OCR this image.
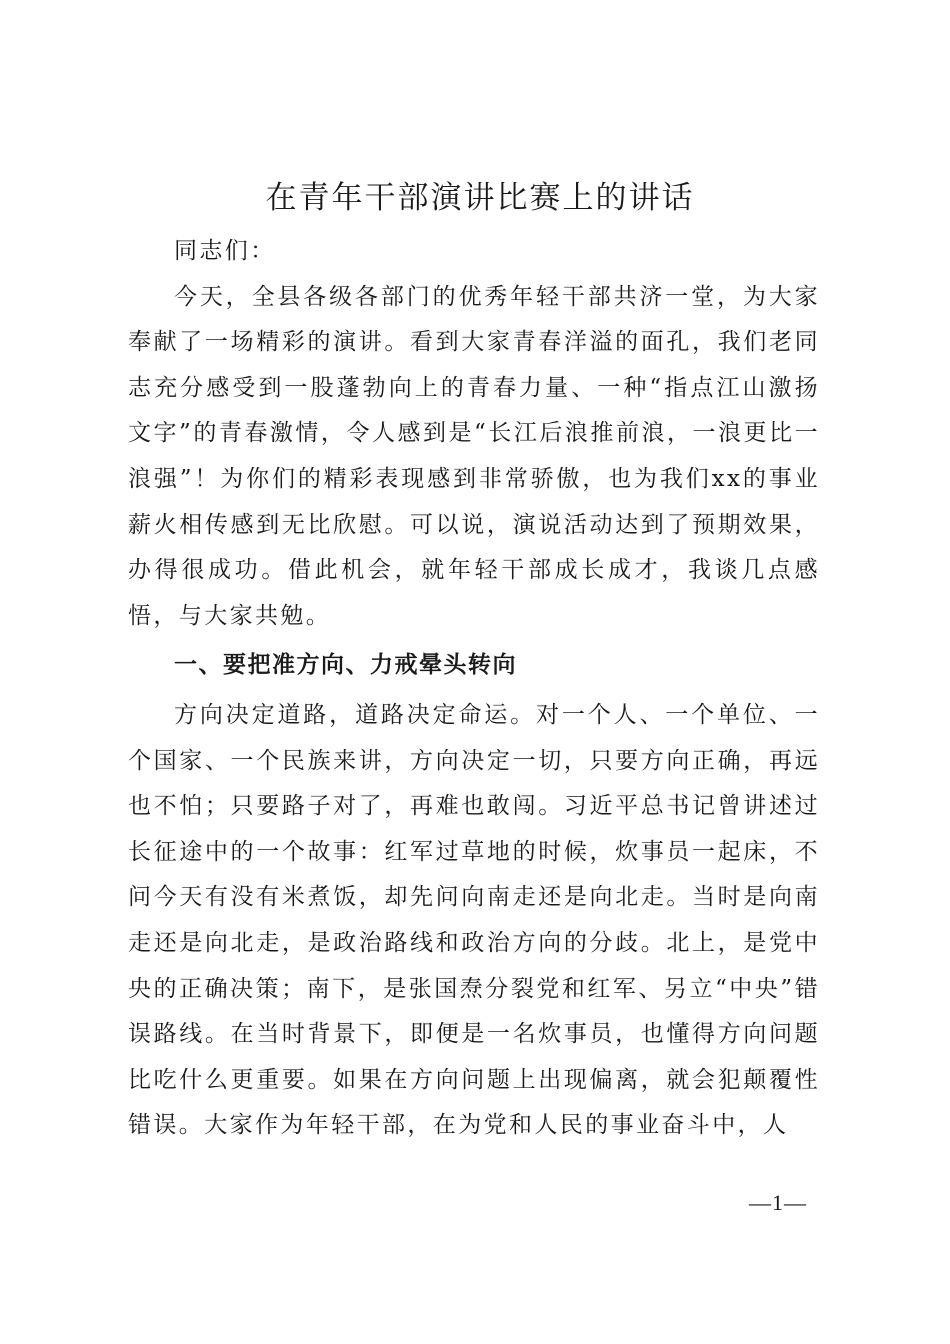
在青年干部演讲比赛上的讲话

同志们：

今天，全县各级各部门的优秀年轻干部共济一堂，为大家奉献了一场精彩的演讲。看到大家青春洋溢的面孔，我们老同志充分感受到一股蓬勃向上的青春力量、一种“指点江山激扬文字”的青春激情，令人感到是“长江后浪推前浪，一浪更比一浪强”！为你们的精彩表现感到非常骄傲，也为我们xx的事业薪火相传感到无比欣慰。可以说，演说活动达到了预期效果，办得很成功。借此机会，就年轻干部成长成才，我谈几点感悟，与大家共勉。

一、要把准方向、力戒晕头转向

方向决定道路，道路决定命运。对一个人、一个单位、一个国家、一个民族来讲，方向决定一切，只要方向正确，再远也不怕；只要路子对了，再难也敢闯。习近平总书记曾讲述过长征途中的一个故事：红军过草地的时候，炊事员一起床，不问今天有没有米煮饭，却先问向南走还是向北走。当时是向南走还是向北走，是政治路线和政治方向的分歧。北上，是党中央的正确决策；南下，是张国焘分裂党和红军、另立“中央”错误路线。在当时背景下，即便是一名炊事员，也懂得方向问题比吃什么更重要。如果在方向问题上出现偏离，就会犯颠覆性错误。大家作为年轻干部，在为党和人民的事业奋斗中，人

—1—
